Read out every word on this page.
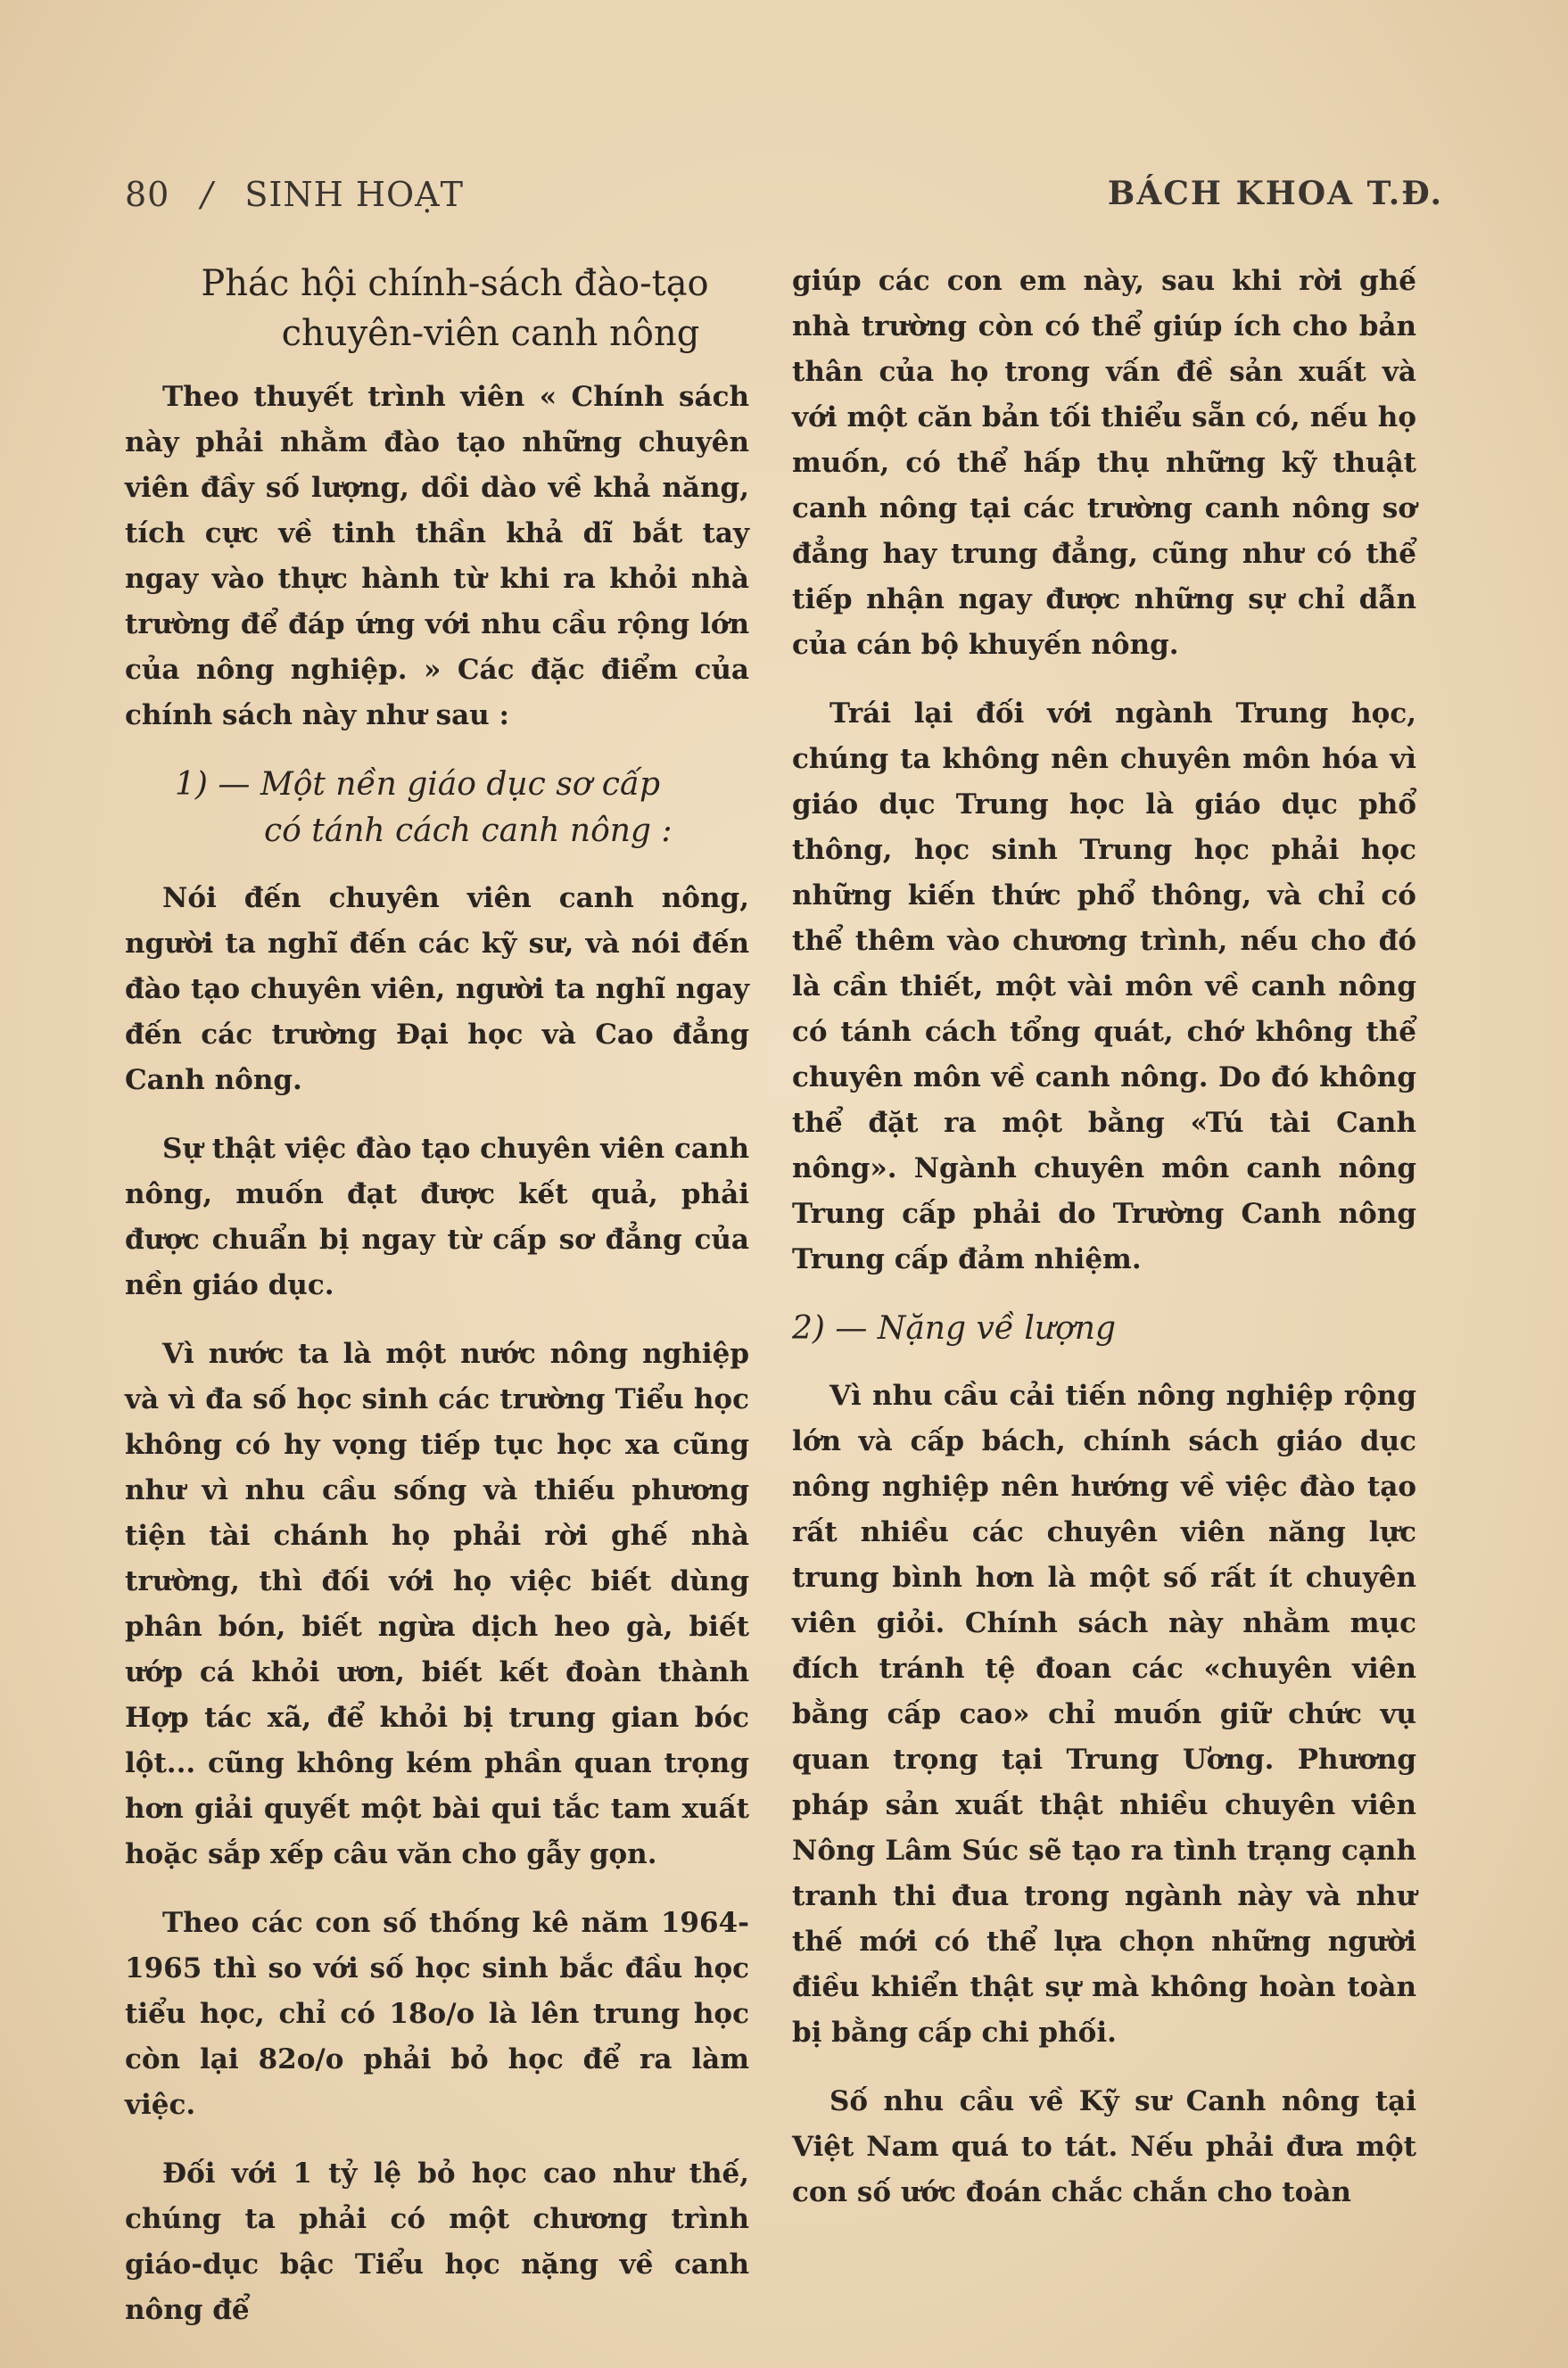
80 / SINH HOẠT	BÁCH KHOA T.Đ.
Phác hội chính-sách đào-tạo
chuyên-viên canh nông

Theo thuyết trình viên « Chính sách này phải nhằm đào tạo những chuyên viên đầy số lượng, dồi dào về khả năng, tích cực về tinh thần khả dĩ bắt tay ngay vào thực hành từ khi ra khỏi nhà trường để đáp ứng với nhu cầu rộng lớn của nông nghiệp. » Các đặc điểm của chính sách này như sau :

1) — Một nền giáo dục sơ cấp
có tánh cách canh nông :

Nói đến chuyên viên canh nông, người ta nghĩ đến các kỹ sư, và nói đến đào tạo chuyên viên, người ta nghĩ ngay đến các trường Đại học và Cao đẳng Canh nông.

Sự thật việc đào tạo chuyên viên canh nông, muốn đạt được kết quả, phải được chuẩn bị ngay từ cấp sơ đẳng của nền giáo dục.

Vì nước ta là một nước nông nghiệp và vì đa số học sinh các trường Tiểu học không có hy vọng tiếp tục học xa cũng như vì nhu cầu sống và thiếu phương tiện tài chánh họ phải rời ghế nhà trường, thì đối với họ việc biết dùng phân bón, biết ngừa dịch heo gà, biết ướp cá khỏi ươn, biết kết đoàn thành Hợp tác xã, để khỏi bị trung gian bóc lột... cũng không kém phần quan trọng hơn giải quyết một bài qui tắc tam xuất hoặc sắp xếp câu văn cho gẫy gọn.

Theo các con số thống kê năm 1964-1965 thì so với số học sinh bắc đầu học tiểu học, chỉ có 18o/o là lên trung học còn lại 82o/o phải bỏ học để ra làm việc.

Đối với 1 tỷ lệ bỏ học cao như thế, chúng ta phải có một chương trình giáo-dục bậc Tiểu học nặng về canh nông để

giúp các con em này, sau khi rời ghế nhà trường còn có thể giúp ích cho bản thân của họ trong vấn đề sản xuất và với một căn bản tối thiểu sẵn có, nếu họ muốn, có thể hấp thụ những kỹ thuật canh nông tại các trường canh nông sơ đẳng hay trung đẳng, cũng như có thể tiếp nhận ngay được những sự chỉ dẫn của cán bộ khuyến nông.

Trái lại đối với ngành Trung học, chúng ta không nên chuyên môn hóa vì giáo dục Trung học là giáo dục phổ thông, học sinh Trung học phải học những kiến thức phổ thông, và chỉ có thể thêm vào chương trình, nếu cho đó là cần thiết, một vài môn về canh nông có tánh cách tổng quát, chớ không thể chuyên môn về canh nông. Do đó không thể đặt ra một bằng «Tú tài Canh nông». Ngành chuyên môn canh nông Trung cấp phải do Trường Canh nông Trung cấp đảm nhiệm.

2) — Nặng về lượng

Vì nhu cầu cải tiến nông nghiệp rộng lớn và cấp bách, chính sách giáo dục nông nghiệp nên hướng về việc đào tạo rất nhiều các chuyên viên năng lực trung bình hơn là một số rất ít chuyên viên giỏi. Chính sách này nhằm mục đích tránh tệ đoan các «chuyên viên bằng cấp cao» chỉ muốn giữ chức vụ quan trọng tại Trung Ương. Phương pháp sản xuất thật nhiều chuyên viên Nông Lâm Súc sẽ tạo ra tình trạng cạnh tranh thi đua trong ngành này và như thế mới có thể lựa chọn những người điều khiển thật sự mà không hoàn toàn bị bằng cấp chi phối.

Số nhu cầu về Kỹ sư Canh nông tại Việt Nam quá to tát. Nếu phải đưa một con số ước đoán chắc chắn cho toàn
